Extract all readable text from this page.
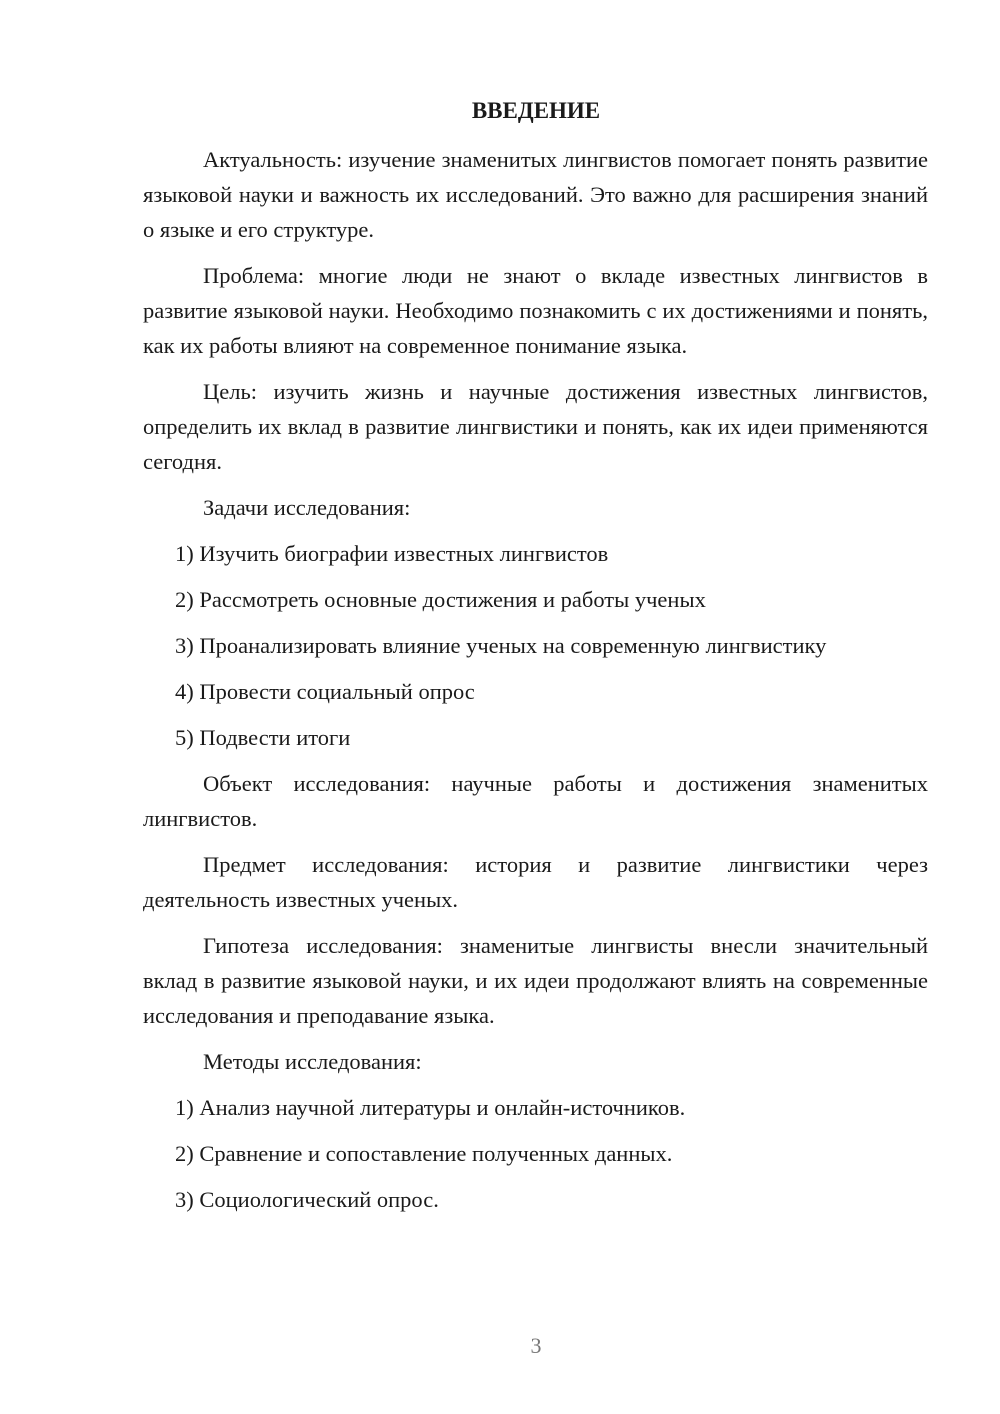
ВВЕДЕНИЕ

Актуальность: изучение знаменитых лингвистов помогает понять развитие языковой науки и важность их исследований. Это важно для расширения знаний о языке и его структуре.

Проблема: многие люди не знают о вкладе известных лингвистов в развитие языковой науки. Необходимо познакомить с их достижениями и понять, как их работы влияют на современное понимание языка.

Цель: изучить жизнь и научные достижения известных лингвистов, определить их вклад в развитие лингвистики и понять, как их идеи применяются сегодня.

Задачи исследования:

1) Изучить биографии известных лингвистов
2) Рассмотреть основные достижения и работы ученых
3) Проанализировать влияние ученых на современную лингвистику
4) Провести социальный опрос
5) Подвести итоги

Объект исследования: научные работы и достижения знаменитых лингвистов.

Предмет исследования: история и развитие лингвистики через деятельность известных ученых.

Гипотеза исследования: знаменитые лингвисты внесли значительный вклад в развитие языковой науки, и их идеи продолжают влиять на современные исследования и преподавание языка.

Методы исследования:

1) Анализ научной литературы и онлайн-источников.
2) Сравнение и сопоставление полученных данных.
3) Социологический опрос.
3
